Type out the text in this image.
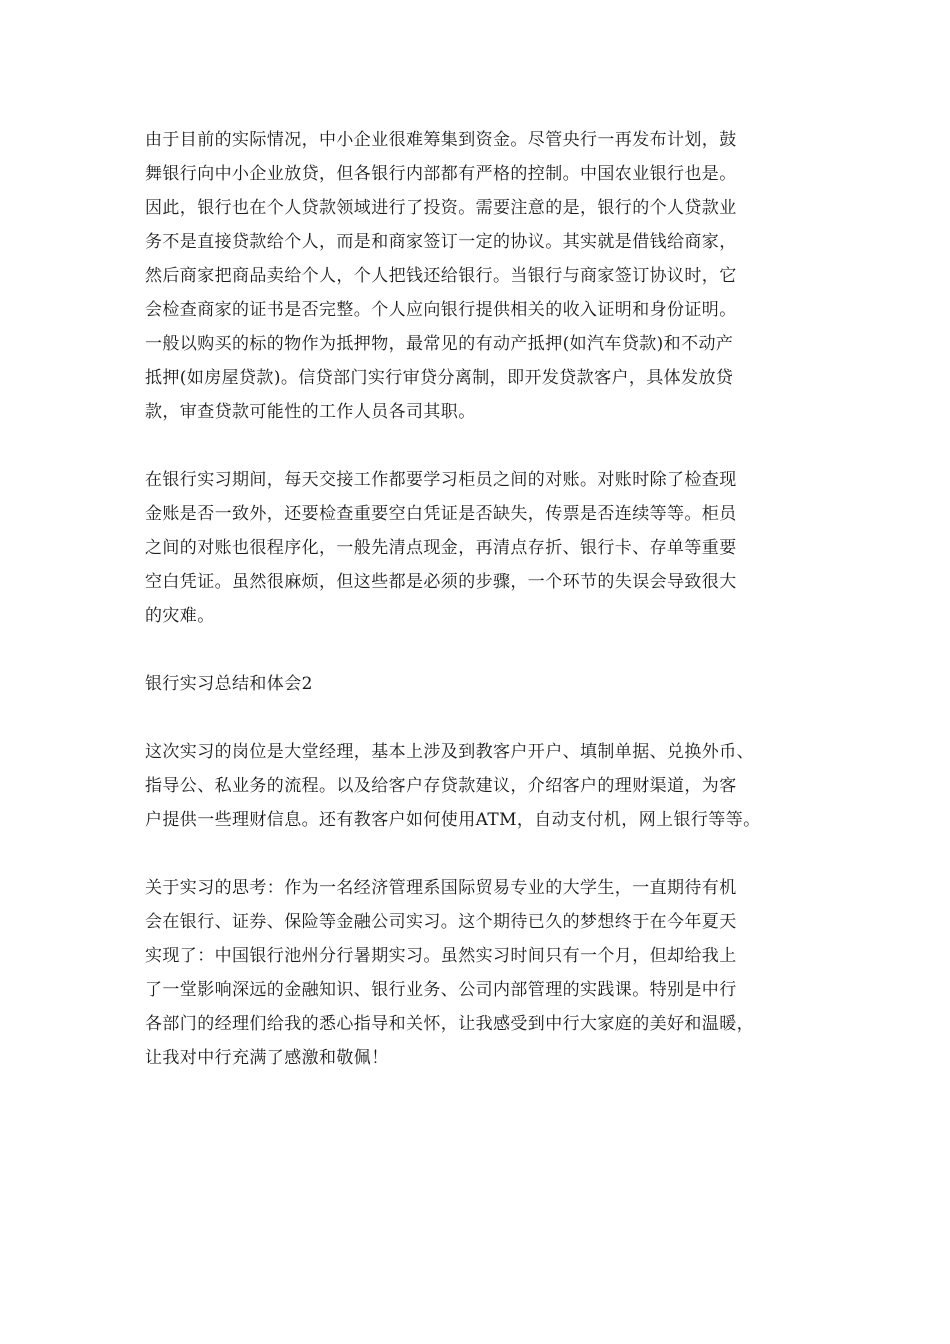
由于目前的实际情况，中小企业很难筹集到资金。尽管央行一再发布计划，鼓
舞银行向中小企业放贷，但各银行内部都有严格的控制。中国农业银行也是。
因此，银行也在个人贷款领域进行了投资。需要注意的是，银行的个人贷款业
务不是直接贷款给个人，而是和商家签订一定的协议。其实就是借钱给商家，
然后商家把商品卖给个人，个人把钱还给银行。当银行与商家签订协议时，它
会检查商家的证书是否完整。个人应向银行提供相关的收入证明和身份证明。
一般以购买的标的物作为抵押物，最常见的有动产抵押(如汽车贷款)和不动产
抵押(如房屋贷款)。信贷部门实行审贷分离制，即开发贷款客户，具体发放贷
款，审查贷款可能性的工作人员各司其职。

在银行实习期间，每天交接工作都要学习柜员之间的对账。对账时除了检查现
金账是否一致外，还要检查重要空白凭证是否缺失，传票是否连续等等。柜员
之间的对账也很程序化，一般先清点现金，再清点存折、银行卡、存单等重要
空白凭证。虽然很麻烦，但这些都是必须的步骤，一个环节的失误会导致很大
的灾难。

银行实习总结和体会2

这次实习的岗位是大堂经理，基本上涉及到教客户开户、填制单据、兑换外币、
指导公、私业务的流程。以及给客户存贷款建议，介绍客户的理财渠道，为客
户提供一些理财信息。还有教客户如何使用ATM，自动支付机，网上银行等等。

关于实习的思考：作为一名经济管理系国际贸易专业的大学生，一直期待有机
会在银行、证券、保险等金融公司实习。这个期待已久的梦想终于在今年夏天
实现了：中国银行池州分行暑期实习。虽然实习时间只有一个月，但却给我上
了一堂影响深远的金融知识、银行业务、公司内部管理的实践课。特别是中行
各部门的经理们给我的悉心指导和关怀，让我感受到中行大家庭的美好和温暖，
让我对中行充满了感激和敬佩！
